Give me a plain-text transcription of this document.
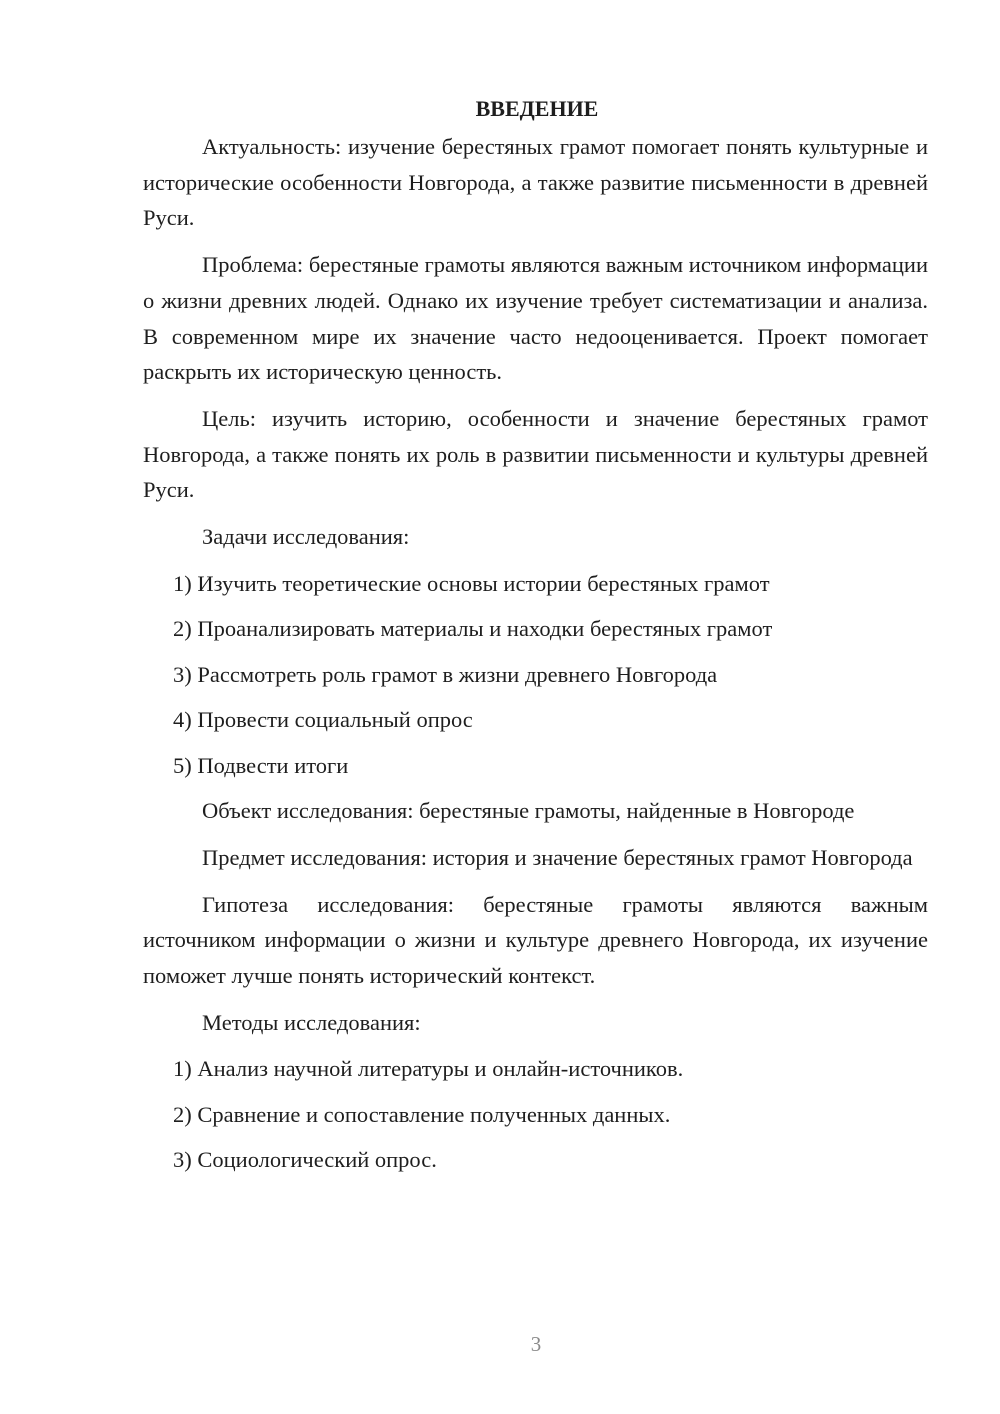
ВВЕДЕНИЕ

Актуальность: изучение берестяных грамот помогает понять культурные и исторические особенности Новгорода, а также развитие письменности в древней Руси.

Проблема: берестяные грамоты являются важным источником информации о жизни древних людей. Однако их изучение требует систематизации и анализа. В современном мире их значение часто недооценивается. Проект помогает раскрыть их историческую ценность.

Цель: изучить историю, особенности и значение берестяных грамот Новгорода, а также понять их роль в развитии письменности и культуры древней Руси.

Задачи исследования:

1) Изучить теоретические основы истории берестяных грамот
2) Проанализировать материалы и находки берестяных грамот
3) Рассмотреть роль грамот в жизни древнего Новгорода
4) Провести социальный опрос
5) Подвести итоги

Объект исследования: берестяные грамоты, найденные в Новгороде

Предмет исследования: история и значение берестяных грамот Новгорода

Гипотеза исследования: берестяные грамоты являются важным источником информации о жизни и культуре древнего Новгорода, их изучение поможет лучше понять исторический контекст.

Методы исследования:

1) Анализ научной литературы и онлайн-источников.
2) Сравнение и сопоставление полученных данных.
3) Социологический опрос.
3
